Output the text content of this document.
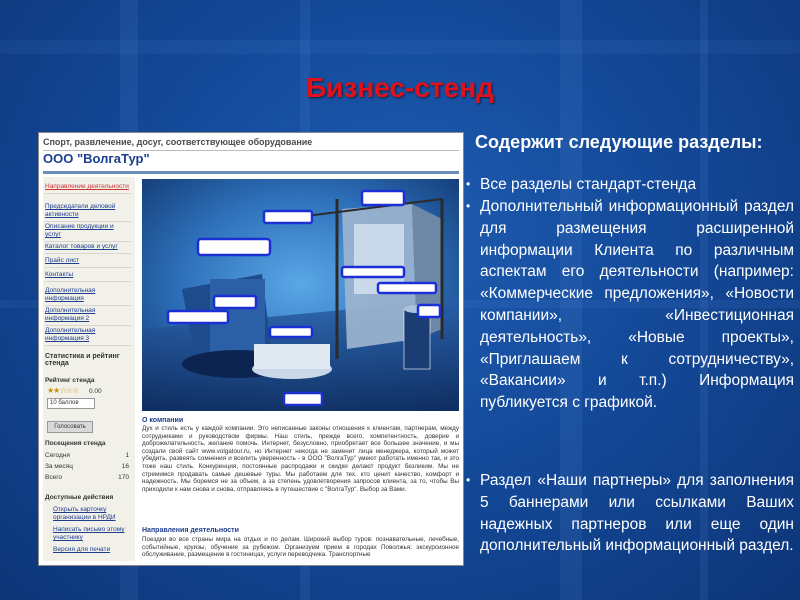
Бизнес-стенд
Спорт, развлечение, досуг, соответствующее оборудование
ООО "ВолгаТур"
Направление деятельности
Председатели деловой активности
Описание продукции и услуг
Каталог товаров и услуг
Прайс лист
Контакты
Дополнительная информация
Дополнительная информация 2
Дополнительная информация 3
Статистика и рейтинг стенда
Рейтинг стенда
★★☆☆☆ 0.00
10 баллов
Голосовать
Посещения стенда
Сегодня	1
За месяц	16
Всего	170
Доступные действия
Открыть карточку организации в НРДИ
Написать письмо этому участнику
Версия для печати
О компании
Дух и стиль есть у каждой компании. Это неписанные законы отношения к клиентам, партнерам, между сотрудниками и руководством фирмы. Наш стиль, прежде всего, компетентность, доверие и доброжелательность, желание помочь. Интернет, безусловно, приобретает все большее значение, и мы создали свой сайт www.volgatour.ru, но Интернет никогда не заменит лица менеджера, который может убедить, развеять сомнения и вселить уверенность - в ООО "ВолгаТур" умеют работать именно так, и это тоже наш стиль. Конкуренция, постоянные распродажи и скидки делают продукт безликим. Мы не стремимся продавать самые дешевые туры. Мы работаем для тех, кто ценит качество, комфорт и надежность. Мы боремся не за объем, а за степень удовлетворения запросов клиента, за то, чтобы Вы приходили к нам снова и снова, отправляясь в путешествие с "ВолгаТур". Выбор за Вами.
Направления деятельности
Поездки во все страны мира на отдых и по делам. Широкий выбор туров: познавательные, лечебные, событийные, круизы, обучение за рубежом. Организуем прием в городах Поволжья: экскурсионное обслуживание, размещение в гостиницах, услуги переводчика. Транспортные
Содержит следующие разделы:
• Все разделы стандарт-стенда
• Дополнительный информационный раздел для размещения расширенной информации Клиента по различным аспектам его деятельности (например: «Коммерческие предложения», «Новости компании», «Инвестиционная деятельность», «Новые проекты», «Приглашаем к сотрудничеству», «Вакансии» и т.п.) Информация публикуется с графикой.
• Раздел «Наши партнеры» для заполнения 5 баннерами или ссылками Ваших надежных партнеров или еще один дополнительный информационный раздел.
